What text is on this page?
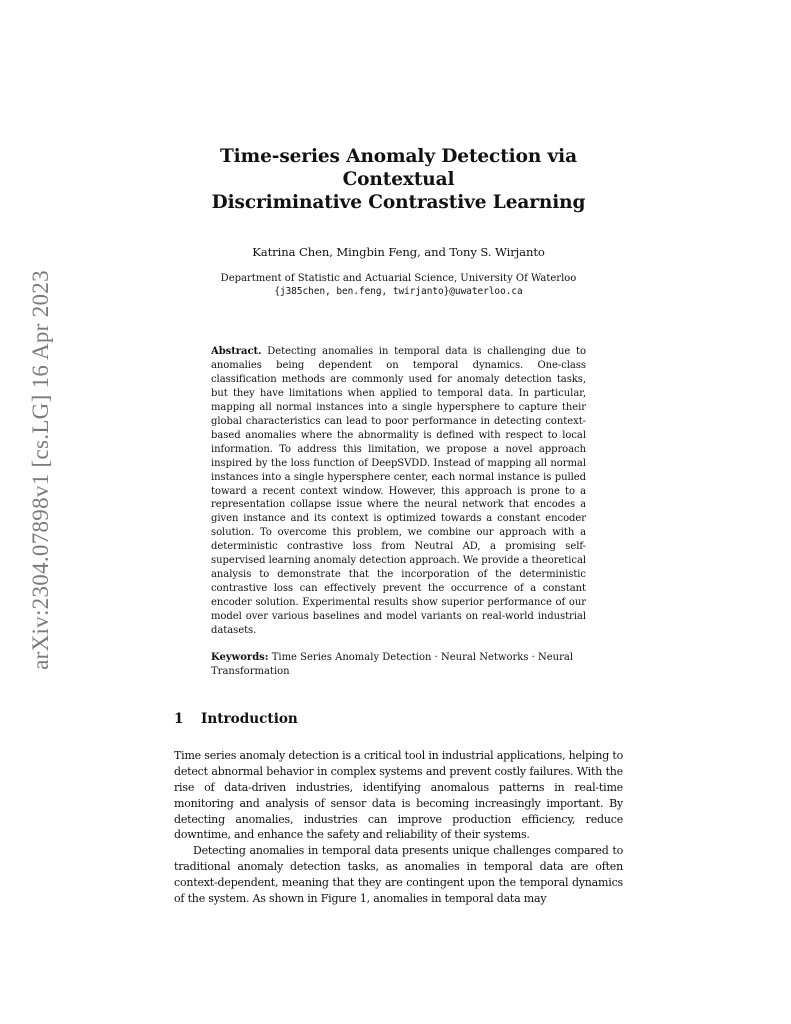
arXiv:2304.07898v1 [cs.LG] 16 Apr 2023
Time-series Anomaly Detection via Contextual
Discriminative Contrastive Learning
Katrina Chen, Mingbin Feng, and Tony S. Wirjanto
Department of Statistic and Actuarial Science, University Of Waterloo
{j385chen, ben.feng, twirjanto}@uwaterloo.ca
Abstract. Detecting anomalies in temporal data is challenging due to anomalies being dependent on temporal dynamics. One-class classification methods are commonly used for anomaly detection tasks, but they have limitations when applied to temporal data. In particular, mapping all normal instances into a single hypersphere to capture their global characteristics can lead to poor performance in detecting context-based anomalies where the abnormality is defined with respect to local information. To address this limitation, we propose a novel approach inspired by the loss function of DeepSVDD. Instead of mapping all normal instances into a single hypersphere center, each normal instance is pulled toward a recent context window. However, this approach is prone to a representation collapse issue where the neural network that encodes a given instance and its context is optimized towards a constant encoder solution. To overcome this problem, we combine our approach with a deterministic contrastive loss from Neutral AD, a promising self-supervised learning anomaly detection approach. We provide a theoretical analysis to demonstrate that the incorporation of the deterministic contrastive loss can effectively prevent the occurrence of a constant encoder solution. Experimental results show superior performance of our model over various baselines and model variants on real-world industrial datasets.
Keywords: Time Series Anomaly Detection · Neural Networks · Neural Transformation
1 Introduction

Time series anomaly detection is a critical tool in industrial applications, helping to detect abnormal behavior in complex systems and prevent costly failures. With the rise of data-driven industries, identifying anomalous patterns in real-time monitoring and analysis of sensor data is becoming increasingly important. By detecting anomalies, industries can improve production efficiency, reduce downtime, and enhance the safety and reliability of their systems.

Detecting anomalies in temporal data presents unique challenges compared to traditional anomaly detection tasks, as anomalies in temporal data are often context-dependent, meaning that they are contingent upon the temporal dynamics of the system. As shown in Figure 1, anomalies in temporal data may
